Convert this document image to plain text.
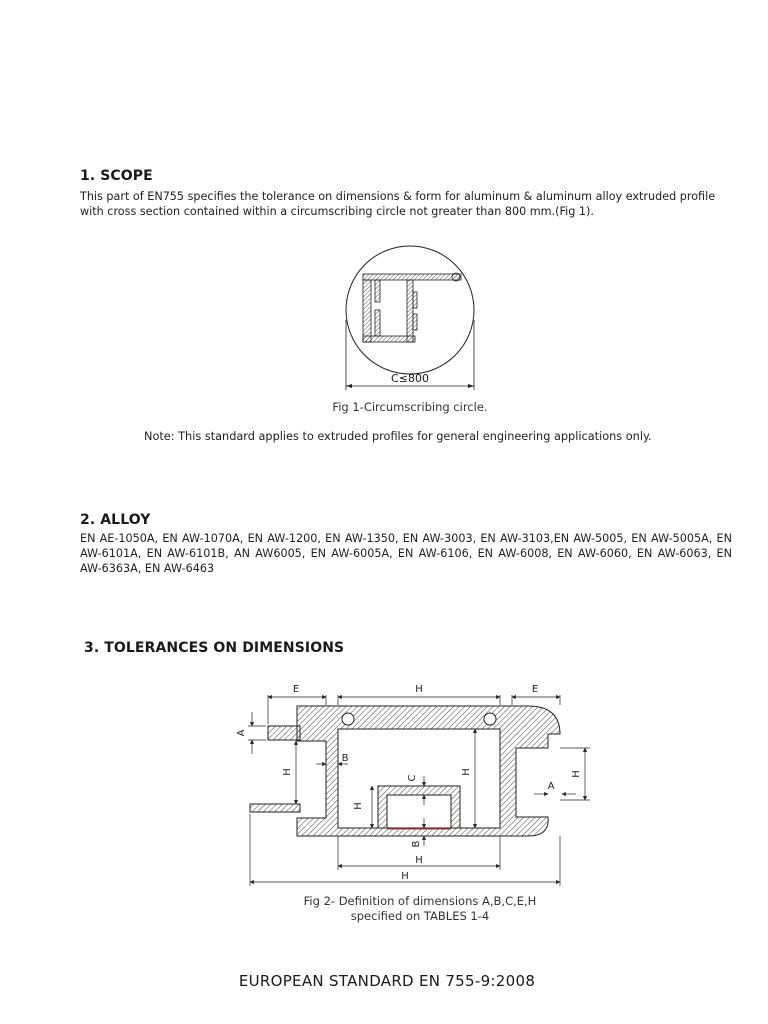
1. SCOPE
This part of EN755 specifies the tolerance on dimensions & form for aluminum & aluminum alloy extruded profile with cross section contained within a circumscribing circle not greater than 800 mm.(Fig 1).
C≤800
Fig 1-Circumscribing circle.
Note: This standard applies to extruded profiles for general engineering applications only.
2. ALLOY
EN AE-1050A, EN AW-1070A, EN AW-1200, EN AW-1350, EN AW-3003, EN AW-3103,EN AW-5005, EN AW-5005A, EN
AW-6101A, EN AW-6101B, AN AW6005, EN AW-6005A, EN AW-6106, EN AW-6008, EN AW-6060, EN AW-6063, EN
AW-6363A, EN AW-6463
3. TOLERANCES ON DIMENSIONS
E	H	E
A
H
B
C
H
H
H
A
B
H
H
Fig 2- Definition of dimensions A,B,C,E,H
specified on TABLES 1-4
EUROPEAN STANDARD EN 755-9:2008
